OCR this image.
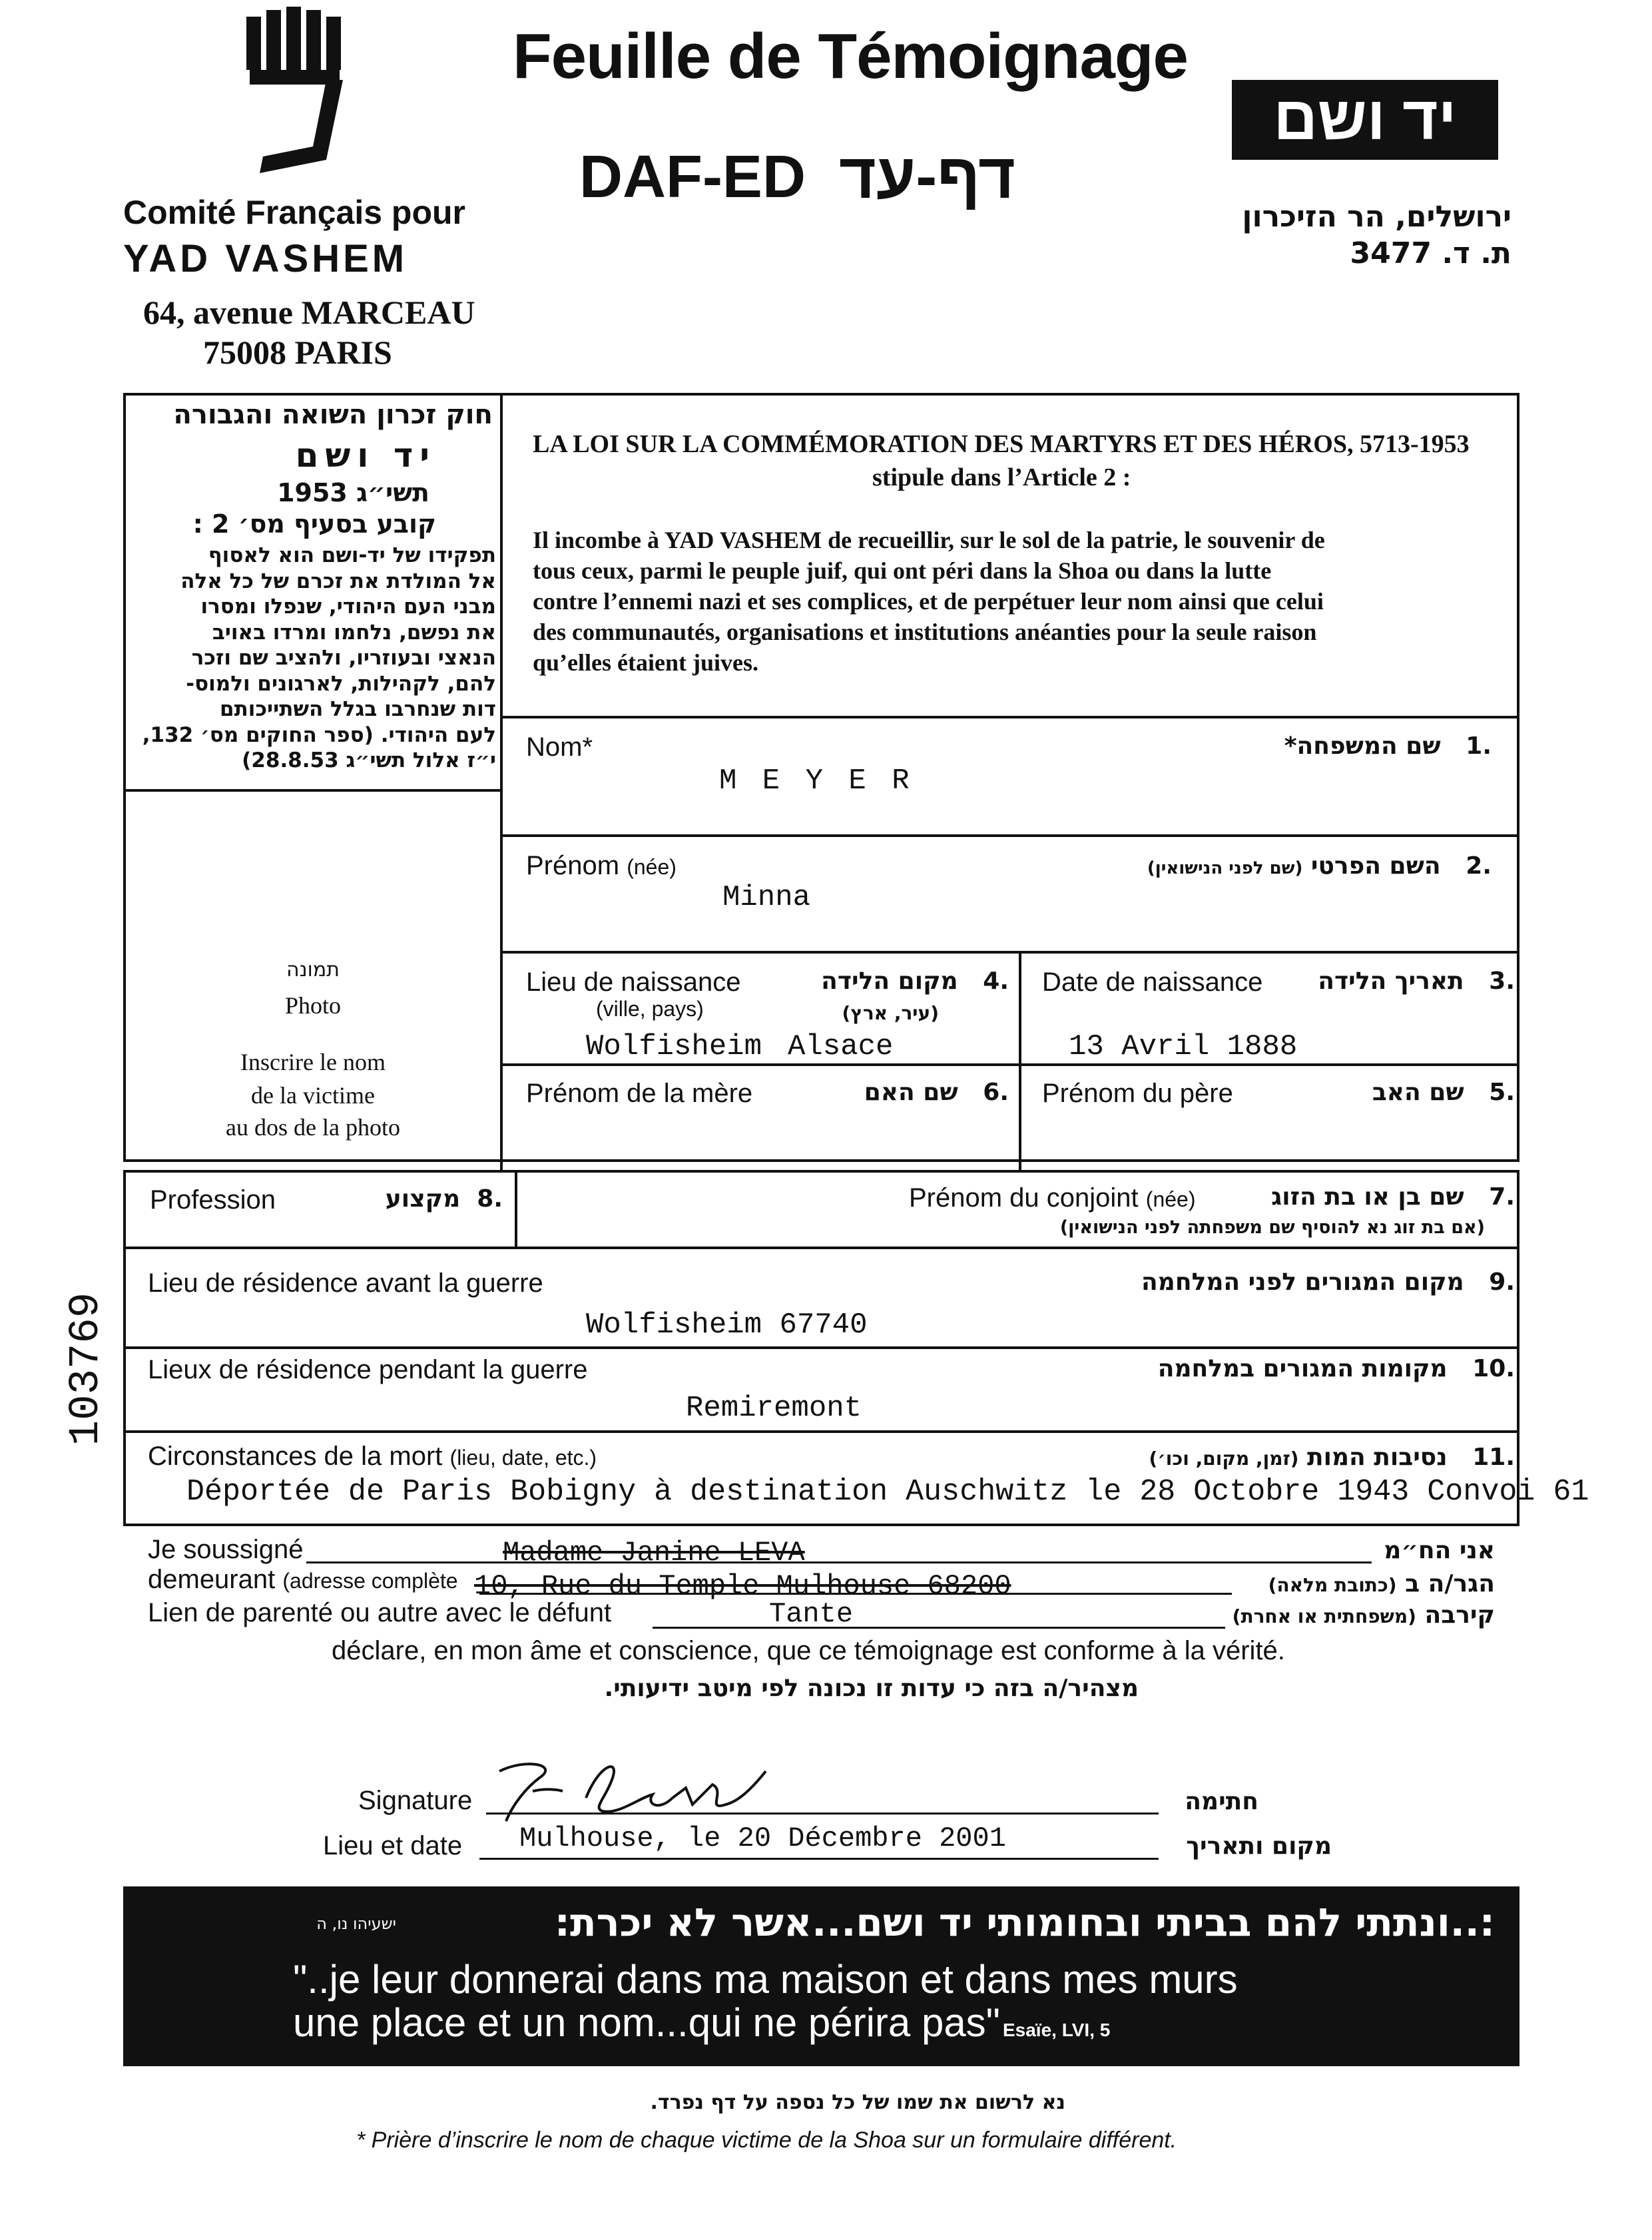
Comité Français pour
YAD VASHEM
64, avenue MARCEAU
75008 PARIS
Feuille de Témoignage
DAF-ED דף-עד
יד ושם
ירושלים, הר הזיכרון
ת. ד. 3477
חוק זכרון השואה והגבורה
יד ושם
תשי״ג 1953
קובע בסעיף מס׳ 2 :
תפקידו של יד-ושם הוא לאסוף
אל המולדת את זכרם של כל אלה
מבני העם היהודי, שנפלו ומסרו
את נפשם, נלחמו ומרדו באויב
הנאצי ובעוזריו, ולהציב שם וזכר
להם, לקהילות, לארגונים ולמוס-
דות שנחרבו בגלל השתייכותם
לעם היהודי. (ספר החוקים מס׳ 132,
י״ז אלול תשי״ג 28.8.53)
תמונה
Photo
Inscrire le nom
de la victime
au dos de la photo
LA LOI SUR LA COMMÉMORATION DES MARTYRS ET DES HÉROS, 5713-1953
stipule dans l’Article 2 :
Il incombe à YAD VASHEM de recueillir, sur le sol de la patrie, le souvenir de
tous ceux, parmi le peuple juif, qui ont péri dans la Shoa ou dans la lutte
contre l’ennemi nazi et ses complices, et de perpétuer leur nom ainsi que celui
des communautés, organisations et institutions anéanties pour la seule raison
qu’elles étaient juives.
Nom*	.1   שם המשפחה*
M E Y E R
Prénom (née)	.2   השם הפרטי (שם לפני הנישואין)
Minna
Lieu de naissance
(ville, pays)
.4   מקום הלידה
(עיר, ארץ)
Wolfisheim Alsace
Date de naissance	.3   תאריך הלידה
13 Avril 1888
Prénom de la mère	.6   שם האם	Prénom du père	.5   שם האב
Profession	.8  מקצוע	Prénom du conjoint (née)	.7   שם בן או בת הזוג
(אם בת זוג נא להוסיף שם משפחתה לפני הנישואין)
Lieu de résidence avant la guerre	.9   מקום המגורים לפני המלחמה
Wolfisheim 67740
Lieux de résidence pendant la guerre	.10   מקומות המגורים במלחמה
Remiremont
Circonstances de la mort (lieu, date, etc.)	.11   נסיבות המות (זמן, מקום, וכו׳)
Déportée de Paris Bobigny à destination Auschwitz le 28 Octobre 1943 Convoi 61
Je soussigné	Madame Janine LEVA	אני הח״מ
demeurant (adresse complète 10, Rue du Temple Mulhouse 68200	הגר/ה ב (כתובת מלאה)
Lien de parenté ou autre avec le défunt	Tante	קירבה (משפחתית או אחרת)
déclare, en mon âme et conscience, que ce témoignage est conforme à la vérité.
מצהיר/ה בזה כי עדות זו נכונה לפי מיטב ידיעותי.
Signature	חתימה
Lieu et date Mulhouse, le 20 Décembre 2001	מקום ותאריך
:..ונתתי להם בביתי ובחומותי יד ושם...אשר לא יכרת:
ישעיהו נו, ה
"..je leur donnerai dans ma maison et dans mes murs
une place et un nom...qui ne périra pas" Esaïe, LVI, 5
נא לרשום את שמו של כל נספה על דף נפרד.
* Prière d’inscrire le nom de chaque victime de la Shoa sur un formulaire différent.
103769
